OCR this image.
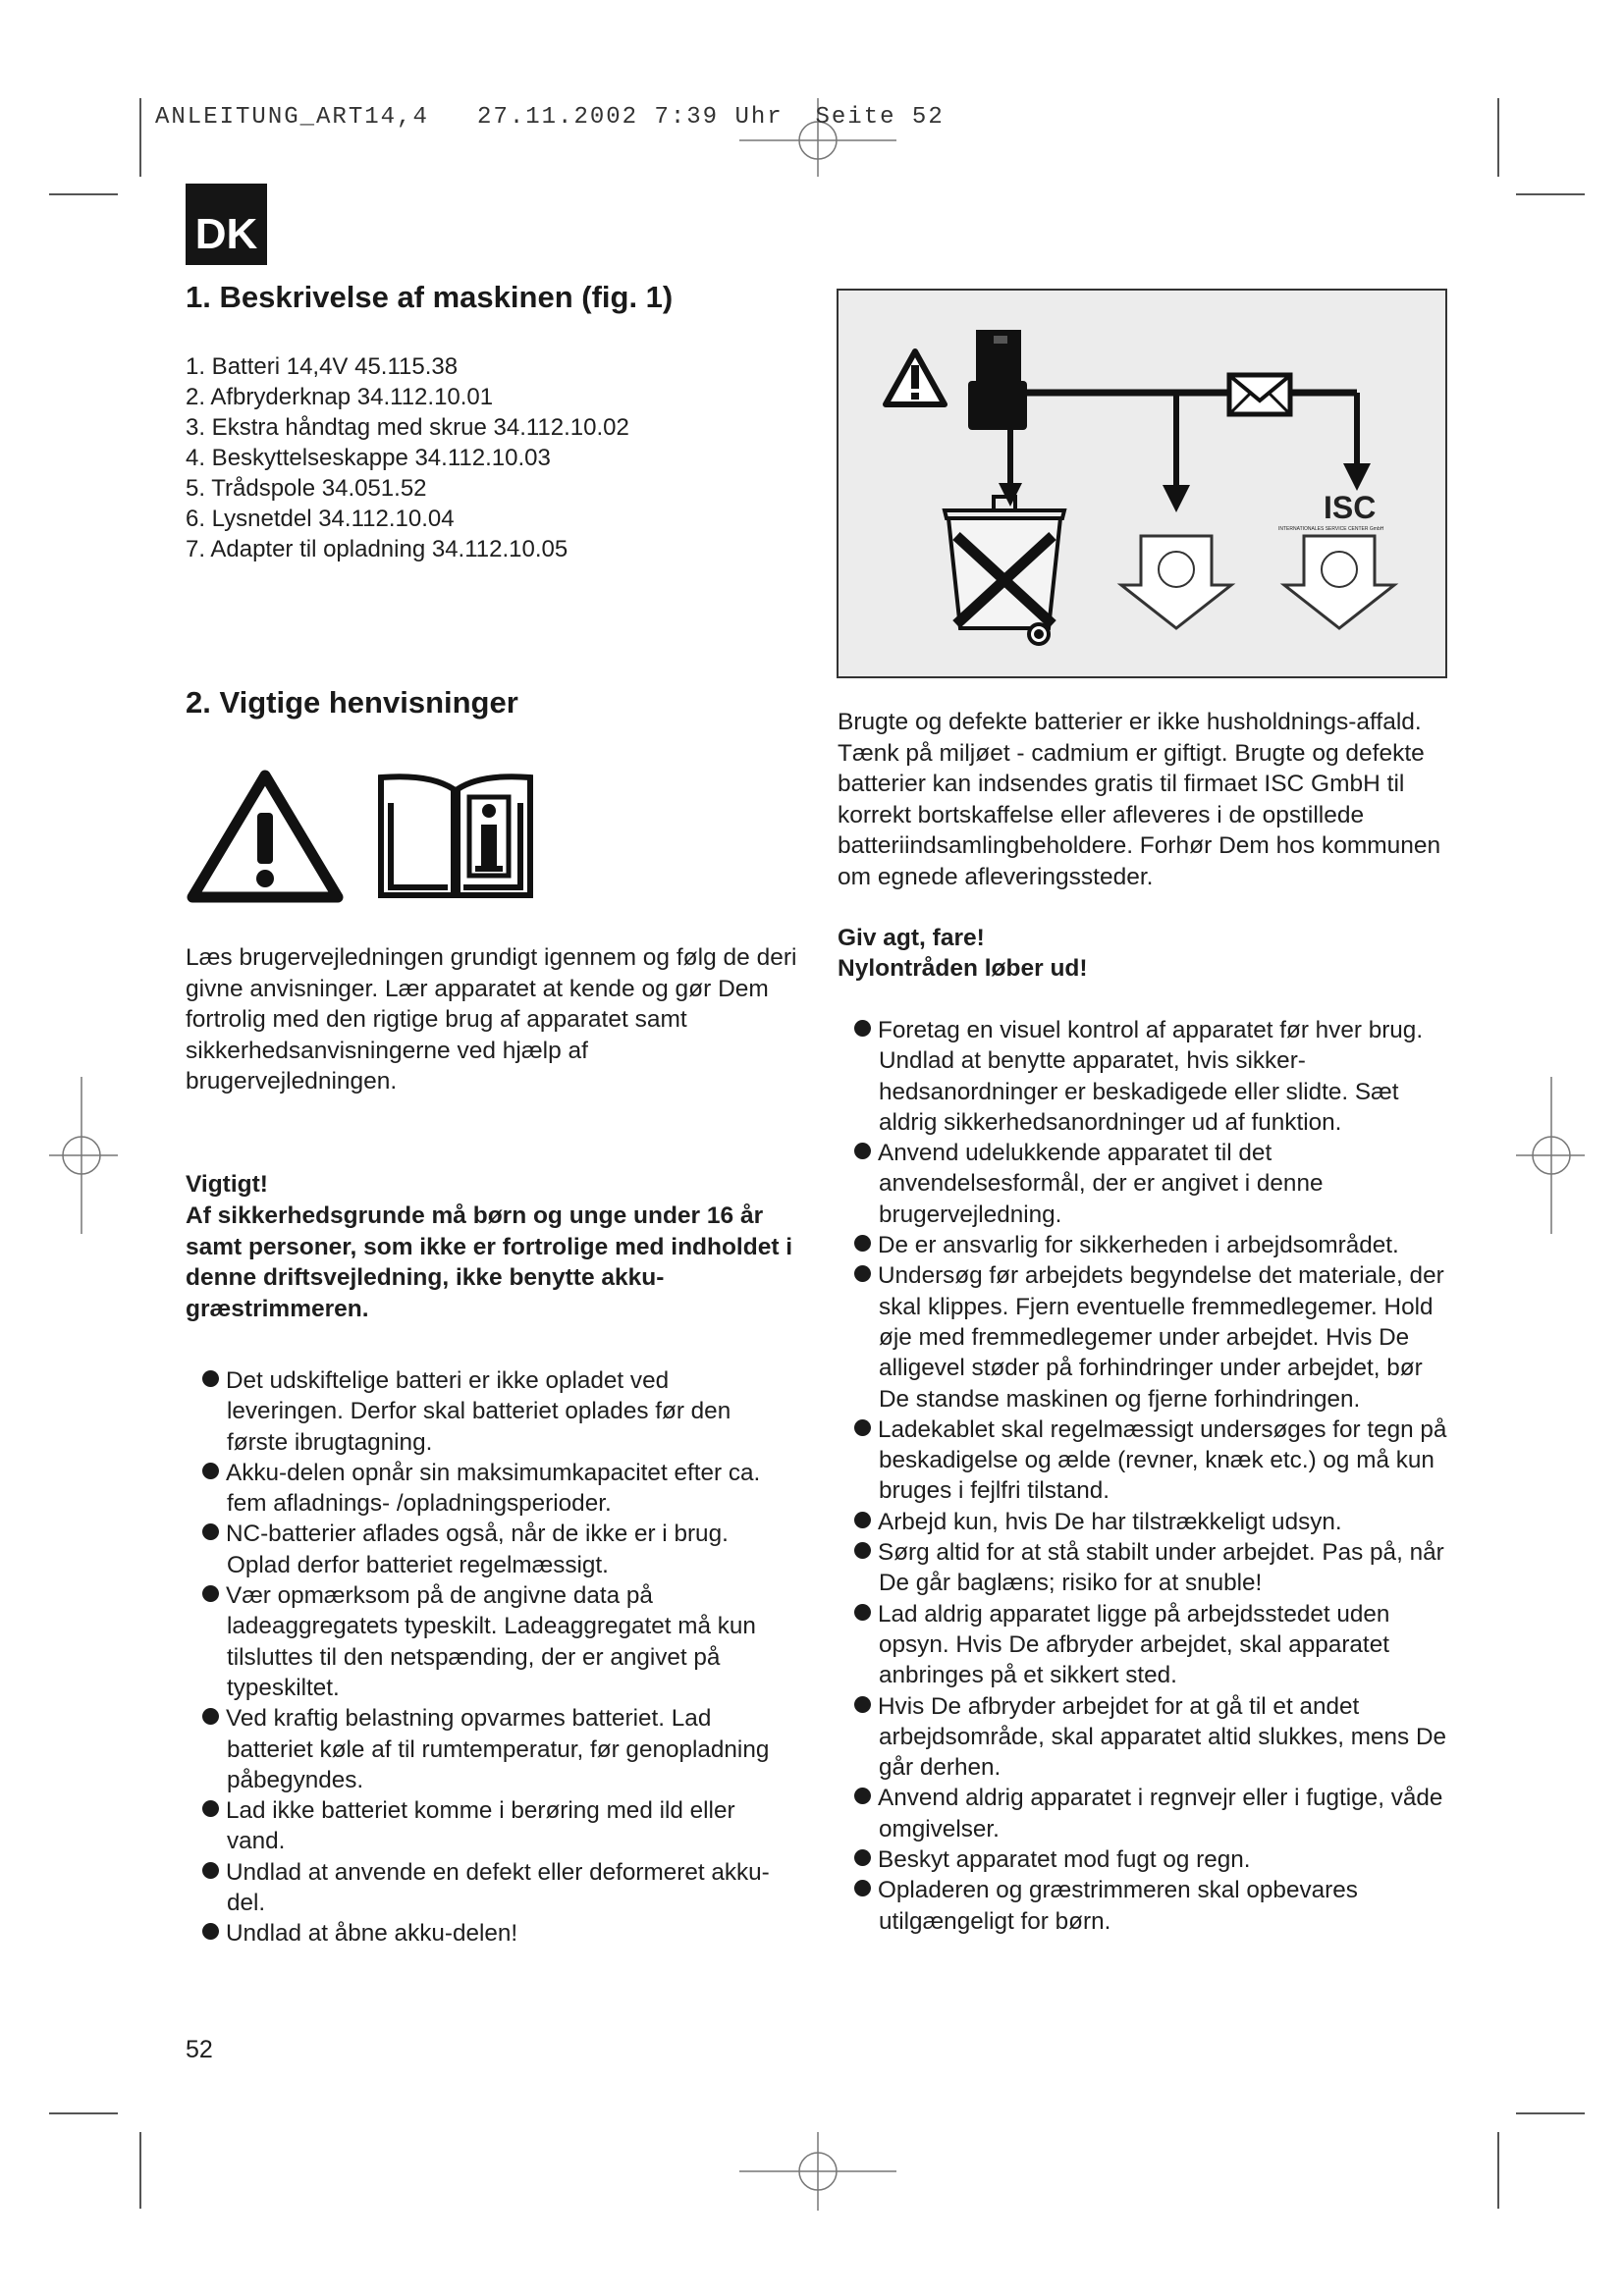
ANLEITUNG_ART14,4   27.11.2002 7:39 Uhr  Seite 52
DK
1. Beskrivelse af maskinen (fig. 1)
1. Batteri 14,4V 45.115.38
2. Afbryderknap 34.112.10.01
3. Ekstra håndtag med skrue 34.112.10.02
4. Beskyttelseskappe 34.112.10.03
5. Trådspole 34.051.52
6. Lysnetdel 34.112.10.04
7. Adapter til opladning 34.112.10.05
2. Vigtige henvisninger

Læs brugervejledningen grundigt igennem og følg de deri givne anvisninger. Lær apparatet at kende og gør Dem fortrolig med den rigtige brug af apparatet samt sikkerhedsanvisningerne ved hjælp af brugervejledningen.

Vigtigt!

Af sikkerhedsgrunde må børn og unge under 16 år samt personer, som ikke er fortrolige med indholdet i denne driftsvejledning, ikke benytte akku-græstrimmeren.

Det udskiftelige batteri er ikke opladet ved leveringen. Derfor skal batteriet oplades før den første ibrugtagning.
Akku-delen opnår sin maksimumkapacitet efter ca. fem afladnings- /opladningsperioder.
NC-batterier aflades også, når de ikke er i brug. Oplad derfor batteriet regelmæssigt.
Vær opmærksom på de angivne data på ladeaggregatets typeskilt. Ladeaggregatet må kun tilsluttes til den netspænding, der er angivet på typeskiltet.
Ved kraftig belastning opvarmes batteriet. Lad batteriet køle af til rumtemperatur, før genopladning påbegyndes.
Lad ikke batteriet komme i berøring med ild eller vand.
Undlad at anvende en defekt eller deformeret akku-del.
Undlad at åbne akku-delen!
ISC
INTERNATIONALES SERVICE CENTER GmbH

Brugte og defekte batterier er ikke husholdnings-affald. Tænk på miljøet - cadmium er giftigt. Brugte og defekte batterier kan indsendes gratis til firmaet ISC GmbH til korrekt bortskaffelse eller afleveres i de opstillede batteriindsamlingbeholdere. Forhør Dem hos kommunen om egnede afleveringssteder.

Giv agt, fare!

Nylontråden løber ud!

Foretag en visuel kontrol af apparatet før hver brug. Undlad at benytte apparatet, hvis sikker-hedsanordninger er beskadigede eller slidte. Sæt aldrig sikkerhedsanordninger ud af funktion.
Anvend udelukkende apparatet til det anvendelsesformål, der er angivet i denne brugervejledning.
De er ansvarlig for sikkerheden i arbejdsområdet.
Undersøg før arbejdets begyndelse det materiale, der skal klippes. Fjern eventuelle fremmedlegemer. Hold øje med fremmedlegemer under arbejdet. Hvis De alligevel støder på forhindringer under arbejdet, bør De standse maskinen og fjerne forhindringen.
Ladekablet skal regelmæssigt undersøges for tegn på beskadigelse og ælde (revner, knæk etc.) og må kun bruges i fejlfri tilstand.
Arbejd kun, hvis De har tilstrækkeligt udsyn.
Sørg altid for at stå stabilt under arbejdet. Pas på, når De går baglæns; risiko for at snuble!
Lad aldrig apparatet ligge på arbejdsstedet uden opsyn. Hvis De afbryder arbejdet, skal apparatet anbringes på et sikkert sted.
Hvis De afbryder arbejdet for at gå til et andet arbejdsområde, skal apparatet altid slukkes, mens De går derhen.
Anvend aldrig apparatet i regnvejr eller i fugtige, våde omgivelser.
Beskyt apparatet mod fugt og regn.
Opladeren og græstrimmeren skal opbevares utilgængeligt for børn.
52
